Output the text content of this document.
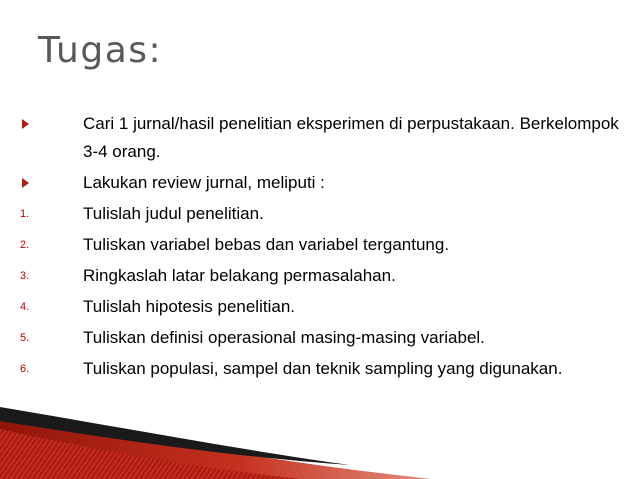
Tugas:
Cari 1 jurnal/hasil penelitian eksperimen di perpustakaan. Berkelompok 3-4 orang.
Lakukan review jurnal, meliputi :
1.	Tulislah judul penelitian.
2.	Tuliskan variabel bebas dan variabel tergantung.
3.	Ringkaslah latar belakang permasalahan.
4.	Tulislah hipotesis penelitian.
5.	Tuliskan definisi operasional masing-masing variabel.
6.	Tuliskan populasi, sampel dan teknik sampling yang digunakan.
